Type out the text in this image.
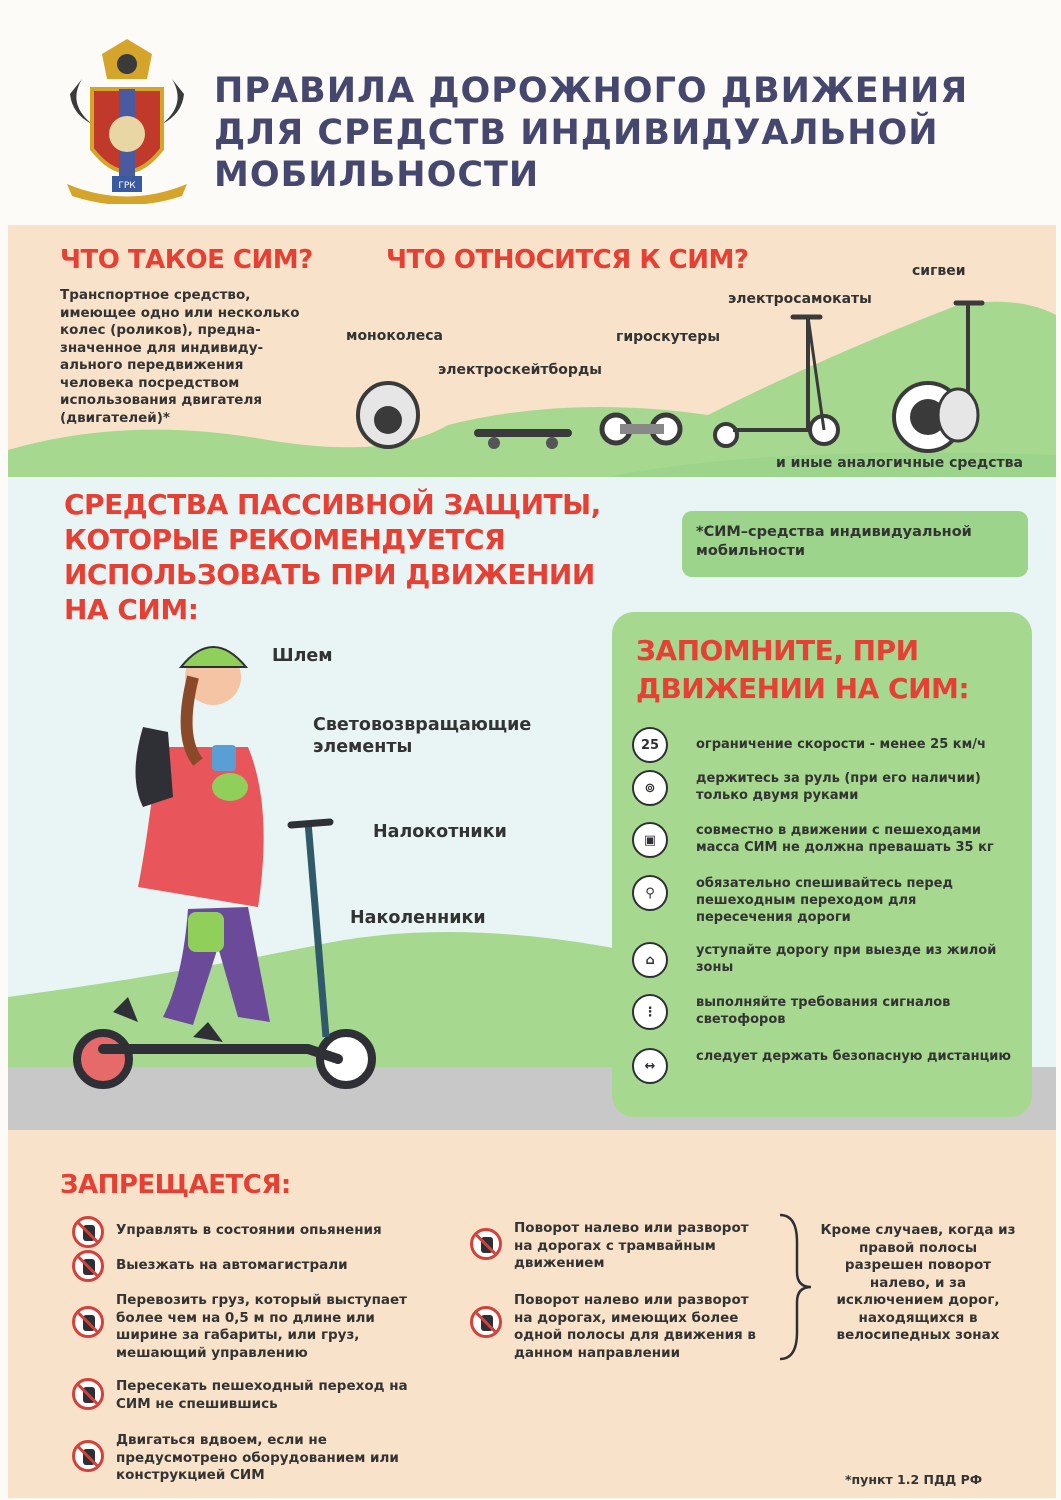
ГРК
ПРАВИЛА ДОРОЖНОГО ДВИЖЕНИЯ
ДЛЯ СРЕДСТВ ИНДИВИДУАЛЬНОЙ
МОБИЛЬНОСТИ
ЧТО ТАКОЕ СИМ?	ЧТО ОТНОСИТСЯ К СИМ?
Транспортное средство, имеющее одно или несколько колес (роликов), предна-значенное для индивиду-ального передвижения человека посредством использования двигателя (двигателей)*
моноколеса
электроскейтборды
гироскутеры
электросамокаты
сигвеи
и иные аналогичные средства
СРЕДСТВА ПАССИВНОЙ ЗАЩИТЫ,
КОТОРЫЕ РЕКОМЕНДУЕТСЯ
ИСПОЛЬЗОВАТЬ ПРИ ДВИЖЕНИИ
НА СИМ:
*СИМ–средства индивидуальной мобильности
Шлем
Световозвращающие
элементы
Налокотники
Наколенники
ЗАПОМНИТЕ, ПРИ
ДВИЖЕНИИ НА СИМ:
25	ограничение скорости - менее 25 км/ч
⊚
держитесь за руль (при его наличии) только двумя руками
▣
совместно в движении с пешеходами масса СИМ не должна превашать 35 кг
⚲
обязательно спешивайтесь перед пешеходным переходом для пересечения дороги
⌂
уступайте дорогу при выезде из жилой зоны
⋮
выполняйте требования сигналов светофоров
↔
следует держать безопасную дистанцию
ЗАПРЕЩАЕТСЯ:
Управлять в состоянии опьянения
Выезжать на автомагистрали
Перевозить груз, который выступает более чем на 0,5 м по длине или ширине за габариты, или груз, мешающий управлению
Пересекать пешеходный переход на СИМ не спешившись
Двигаться вдвоем, если не предусмотрено оборудованием или конструкцией СИМ
Поворот налево или разворот на дорогах с трамвайным движением
Поворот налево или разворот на дорогах, имеющих более одной полосы для движения в данном направлении
Кроме случаев, когда из правой полосы разрешен поворот налево, и за исключением дорог, находящихся в велосипедных зонах
*пункт 1.2 ПДД РФ
